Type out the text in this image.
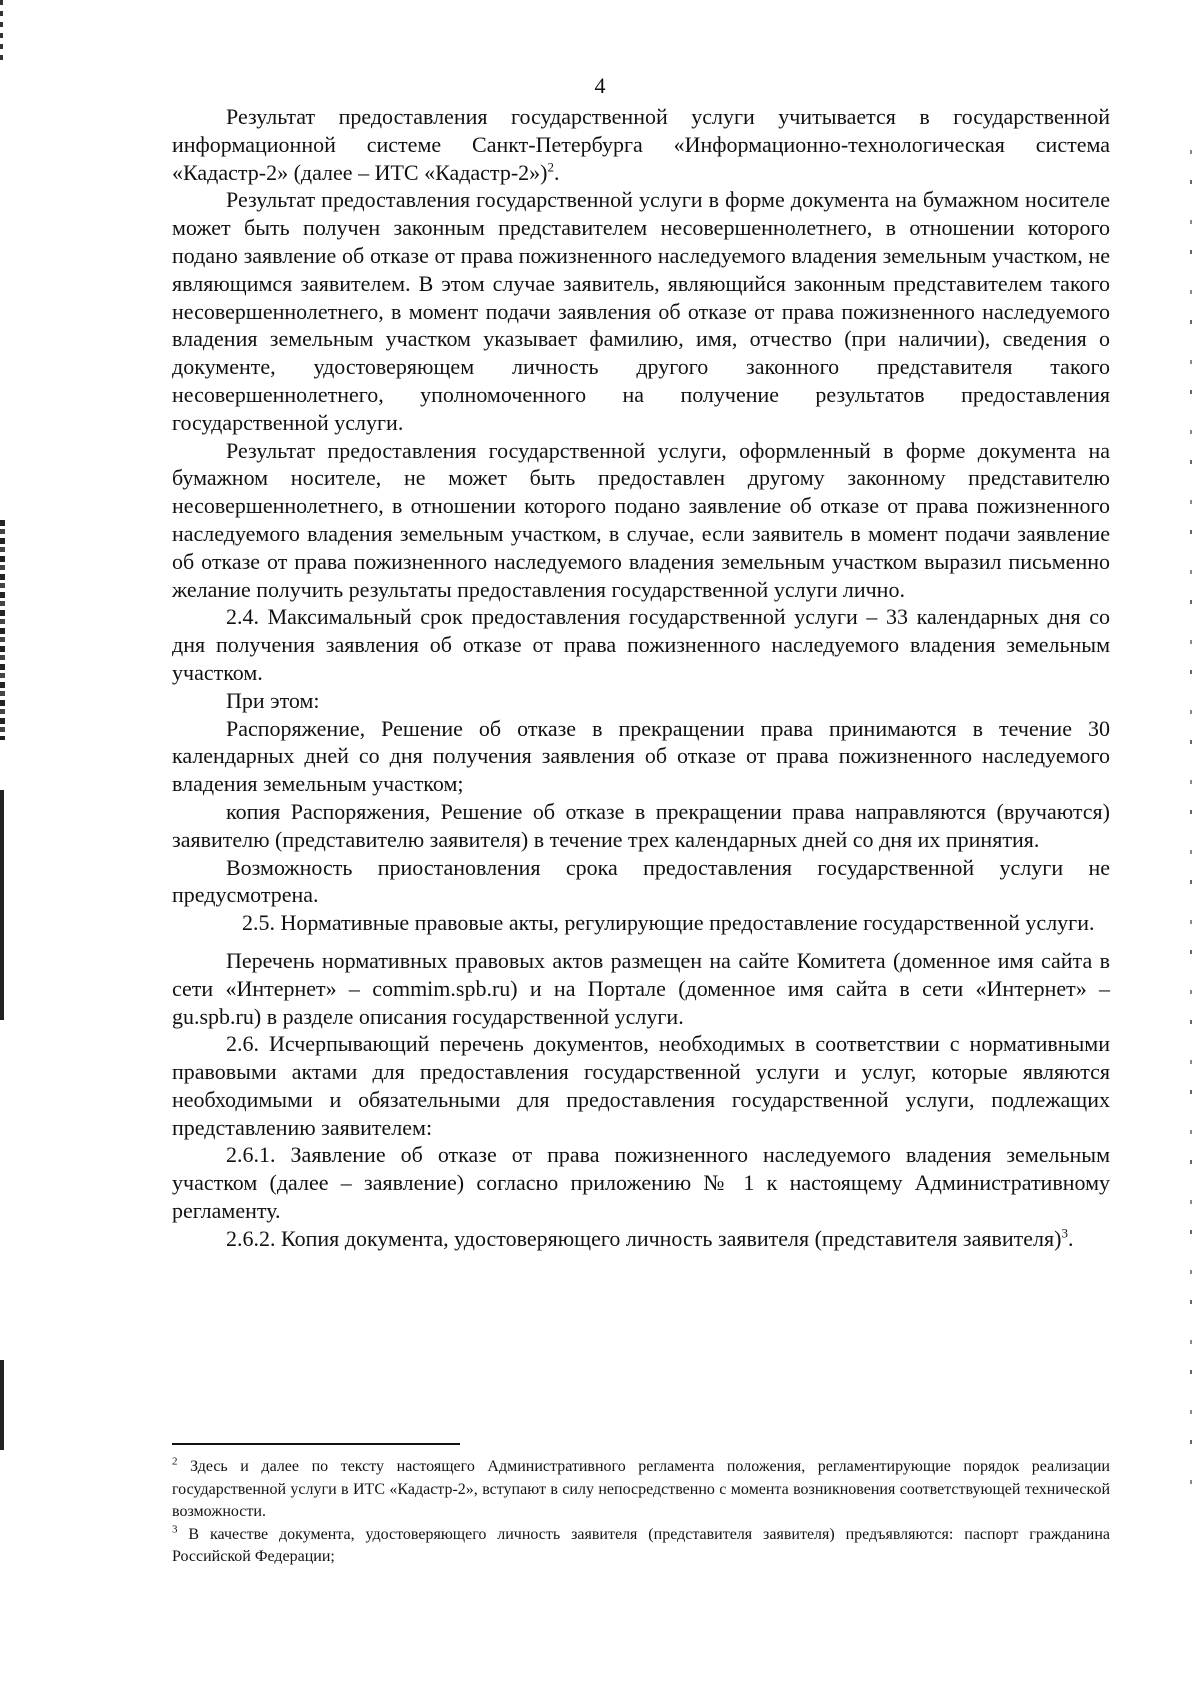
4

Результат предоставления государственной услуги учитывается в государственной информационной системе Санкт-Петербурга «Информационно-технологическая система «Кадастр-2» (далее – ИТС «Кадастр-2»)$^2$.

Результат предоставления государственной услуги в форме документа на бумажном носителе может быть получен законным представителем несовершеннолетнего, в отношении которого подано заявление об отказе от права пожизненного наследуемого владения земельным участком, не являющимся заявителем. В этом случае заявитель, являющийся законным представителем такого несовершеннолетнего, в момент подачи заявления об отказе от права пожизненного наследуемого владения земельным участком указывает фамилию, имя, отчество (при наличии), сведения о документе, удостоверяющем личность другого законного представителя такого несовершеннолетнего, уполномоченного на получение результатов предоставления государственной услуги.

Результат предоставления государственной услуги, оформленный в форме документа на бумажном носителе, не может быть предоставлен другому законному представителю несовершеннолетнего, в отношении которого подано заявление об отказе от права пожизненного наследуемого владения земельным участком, в случае, если заявитель в момент подачи заявление об отказе от права пожизненного наследуемого владения земельным участком выразил письменно желание получить результаты предоставления государственной услуги лично.

2.4. Максимальный срок предоставления государственной услуги – 33 календарных дня со дня получения заявления об отказе от права пожизненного наследуемого владения земельным участком.

При этом:

Распоряжение, Решение об отказе в прекращении права принимаются в течение 30 календарных дней со дня получения заявления об отказе от права пожизненного наследуемого владения земельным участком;

копия Распоряжения, Решение об отказе в прекращении права направляются (вручаются) заявителю (представителю заявителя) в течение трех календарных дней со дня их принятия.

Возможность приостановления срока предоставления государственной услуги не предусмотрена.

2.5. Нормативные правовые акты, регулирующие предоставление государственной услуги.

Перечень нормативных правовых актов размещен на сайте Комитета (доменное имя сайта в сети «Интернет» – commim.spb.ru) и на Портале (доменное имя сайта в сети «Интернет» – gu.spb.ru) в разделе описания государственной услуги.

2.6. Исчерпывающий перечень документов, необходимых в соответствии с нормативными правовыми актами для предоставления государственной услуги и услуг, которые являются необходимыми и обязательными для предоставления государственной услуги, подлежащих представлению заявителем:

2.6.1. Заявление об отказе от права пожизненного наследуемого владения земельным участком (далее – заявление) согласно приложению № 1 к настоящему Административному регламенту.

2.6.2. Копия документа, удостоверяющего личность заявителя (представителя заявителя)$^3$.

$^2$ Здесь и далее по тексту настоящего Административного регламента положения, регламентирующие порядок реализации государственной услуги в ИТС «Кадастр-2», вступают в силу непосредственно с момента возникновения соответствующей технической возможности.

$^3$ В качестве документа, удостоверяющего личность заявителя (представителя заявителя) предъявляются: паспорт гражданина Российской Федерации;
